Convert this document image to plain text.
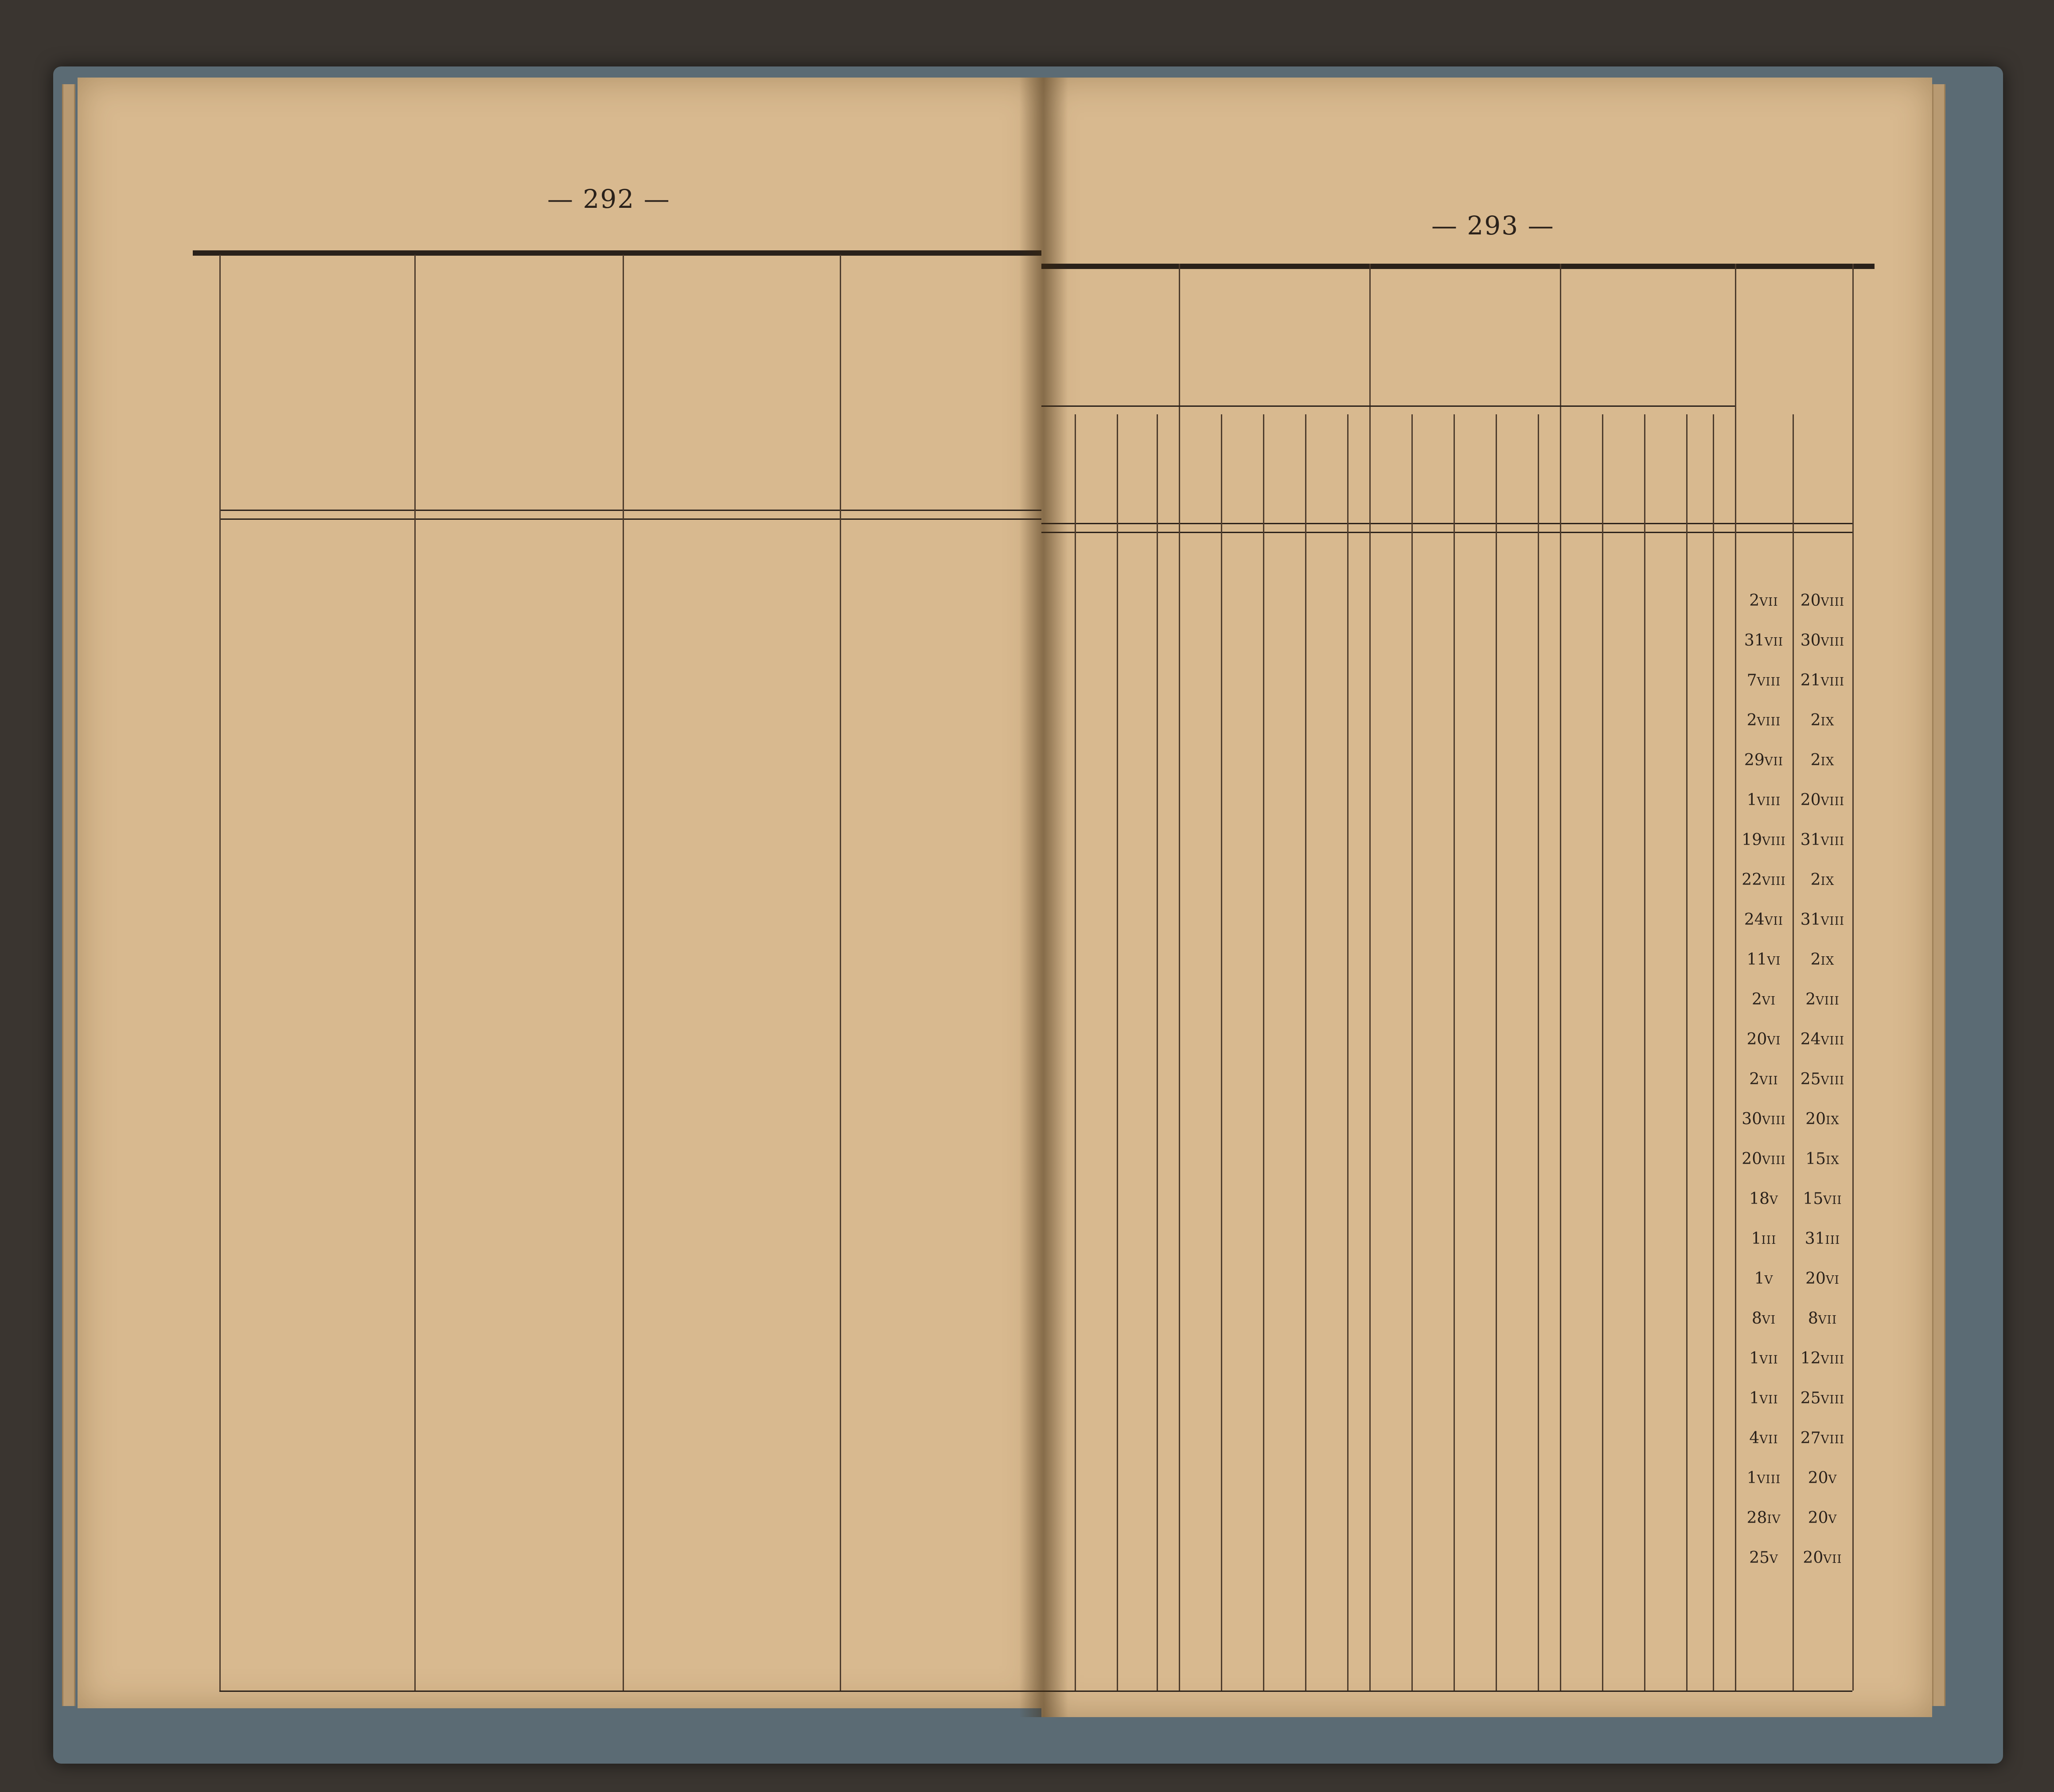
— 292 —
— 293 —
2VII	20VIII
31VII	30VIII
7VIII	21VIII
2VIII	2IX
29VII	2IX
1VIII	20VIII
19VIII 31VIII
22VIII	2IX
24VII	31VIII
11VI	2IX
2VI	2VIII
20VI	24VIII
2VII	25VIII
30VIII	20IX
20VIII	15IX
18V	15VII
1III	31III
1V	20VI
8VI	8VII
1VII	12VIII
1VII	25VIII
4VII	27VIII
1VIII	20V
28IV	20V
25V	20VII
